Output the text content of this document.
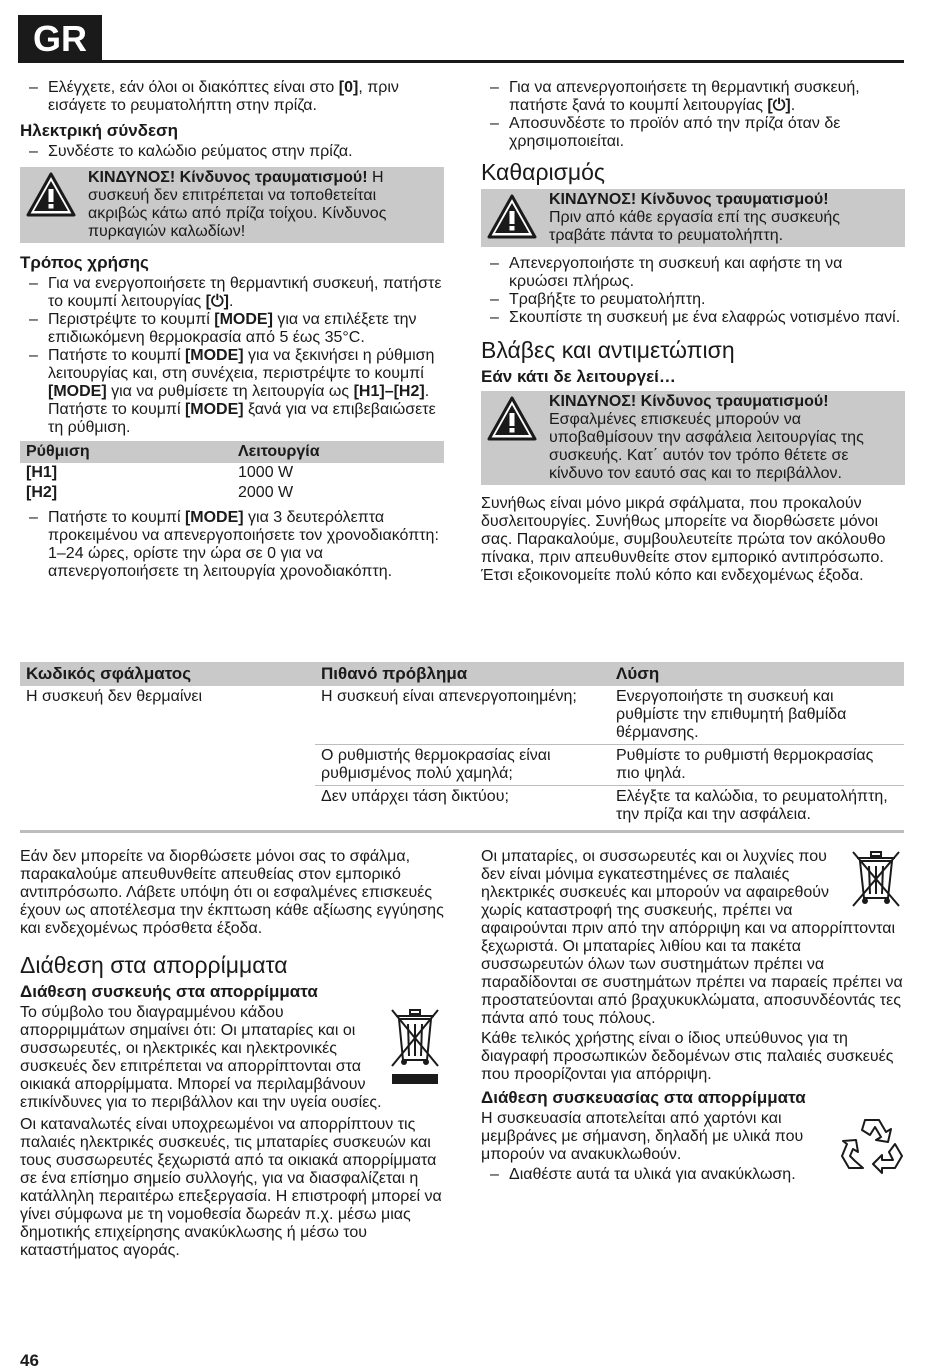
GR

– Ελέγχετε, εάν όλοι οι διακόπτες είναι στο [0], πριν εισάγετε το ρευματολήπτη στην πρίζα.

Ηλεκτρική σύνδεση

– Συνδέστε το καλώδιο ρεύματος στην πρίζα.

ΚΙΝΔΥΝΟΣ! Κίνδυνος τραυματισμού! Η συσκευή δεν επιτρέπεται να τοποθετείται ακριβώς κάτω από πρίζα τοίχου. Κίνδυνος πυρκαγιών καλωδίων!

Τρόπος χρήσης

– Για να ενεργοποιήσετε τη θερμαντική συσκευή, πατήστε το κουμπί λειτουργίας [⏻].

– Περιστρέψτε το κουμπί [MODE] για να επιλέξετε την επιδιωκόμενη θερμοκρασία από 5 έως 35°C.

– Πατήστε το κουμπί [MODE] για να ξεκινήσει η ρύθμιση λειτουργίας και, στη συνέχεια, περιστρέψτε το κουμπί [MODE] για να ρυθμίσετε τη λειτουργία ως [H1]–[H2]. Πατήστε το κουμπί [MODE] ξανά για να επιβεβαιώσετε τη ρύθμιση.

Ρύθμιση	Λειτουργία
[H1]	1000 W
[H2]	2000 W

– Πατήστε το κουμπί [MODE] για 3 δευτερόλεπτα προκειμένου να απενεργοποιήσετε τον χρονοδιακόπτη: 1–24 ώρες, ορίστε την ώρα σε 0 για να απενεργοποιήσετε τη λειτουργία χρονοδιακόπτη.

– Για να απενεργοποιήσετε τη θερμαντική συσκευή, πατήστε ξανά το κουμπί λειτουργίας [⏻].

– Αποσυνδέστε το προϊόν από την πρίζα όταν δε χρησιμοποιείται.

Καθαρισμός

ΚΙΝΔΥΝΟΣ! Κίνδυνος τραυματισμού!

Πριν από κάθε εργασία επί της συσκευής τραβάτε πάντα το ρευματολήπτη.

– Απενεργοποιήστε τη συσκευή και αφήστε τη να κρυώσει πλήρως.

– Τραβήξτε το ρευματολήπτη.

– Σκουπίστε τη συσκευή με ένα ελαφρώς νοτισμένο πανί.

Βλάβες και αντιμετώπιση

Εάν κάτι δε λειτουργεί…

ΚΙΝΔΥΝΟΣ! Κίνδυνος τραυματισμού!

Εσφαλμένες επισκευές μπορούν να υποβαθμίσουν την ασφάλεια λειτουργίας της συσκευής. Κατ΄ αυτόν τον τρόπο θέτετε σε κίνδυνο τον εαυτό σας και το περιβάλλον.

Συνήθως είναι μόνο μικρά σφάλματα, που προκαλούν δυσλειτουργίες. Συνήθως μπορείτε να διορθώσετε μόνοι σας. Παρακαλούμε, συμβουλευτείτε πρώτα τον ακόλουθο πίνακα, πριν απευθυνθείτε στον εμπορικό αντιπρόσωπο. Έτσι εξοικονομείτε πολύ κόπο και ενδεχομένως έξοδα.

Κωδικός σφάλματος	Πιθανό πρόβλημα	Λύση
Η συσκευή δεν θερμαίνει	Η συσκευή είναι απενεργοποιημένη;	Ενεργοποιήστε τη συσκευή και ρυθμίστε την επιθυμητή βαθμίδα θέρμανσης.
	Ο ρυθμιστής θερμοκρασίας είναι ρυθμισμένος πολύ χαμηλά;	Ρυθμίστε το ρυθμιστή θερμοκρασίας πιο ψηλά.
	Δεν υπάρχει τάση δικτύου;	Ελέγξτε τα καλώδια, το ρευματολήπτη, την πρίζα και την ασφάλεια.

Εάν δεν μπορείτε να διορθώσετε μόνοι σας το σφάλμα, παρακαλούμε απευθυνθείτε απευθείας στον εμπορικό αντιπρόσωπο. Λάβετε υπόψη ότι οι εσφαλμένες επισκευές έχουν ως αποτέλεσμα την έκπτωση κάθε αξίωσης εγγύησης και ενδεχομένως πρόσθετα έξοδα.

Διάθεση στα απορρίμματα

Διάθεση συσκευής στα απορρίμματα

Το σύμβολο του διαγραμμένου κάδου απορριμμάτων σημαίνει ότι: Οι μπαταρίες και οι συσσωρευτές, οι ηλεκτρικές και ηλεκτρονικές συσκευές δεν επιτρέπεται να απορρίπτονται στα οικιακά απορρίμματα. Μπορεί να περιλαμβάνουν επικίνδυνες για το περιβάλλον και την υγεία ουσίες.

Οι καταναλωτές είναι υποχρεωμένοι να απορρίπτουν τις παλαιές ηλεκτρικές συσκευές, τις μπαταρίες συσκευών και τους συσσωρευτές ξεχωριστά από τα οικιακά απορρίμματα σε ένα επίσημο σημείο συλλογής, για να διασφαλίζεται η κατάλληλη περαιτέρω επεξεργασία. Η επιστροφή μπορεί να γίνει σύμφωνα με τη νομοθεσία δωρεάν π.χ. μέσω μιας δημοτικής επιχείρησης ανακύκλωσης ή μέσω του καταστήματος αγοράς.

Οι μπαταρίες, οι συσσωρευτές και οι λυχνίες που δεν είναι μόνιμα εγκατεστημένες σε παλαιές ηλεκτρικές συσκευές και μπορούν να αφαιρεθούν χωρίς καταστροφή της συσκευής, πρέπει να αφαιρούνται πριν από την απόρριψη και να απορρίπτονται ξεχωριστά. Οι μπαταρίες λιθίου και τα πακέτα συσσωρευτών όλων των συστημάτων πρέπει να παραδίδονται σε συστημάτων πρέπει να παραείς πρέπει να προστατεύονται από βραχυκυκλώματα, αποσυνδέοντάς τες πάντα από τους πόλους.

Κάθε τελικός χρήστης είναι ο ίδιος υπεύθυνος για τη διαγραφή προσωπικών δεδομένων στις παλαιές συσκευές που προορίζονται για απόρριψη.

Διάθεση συσκευασίας στα απορρίμματα

Η συσκευασία αποτελείται από χαρτόνι και μεμβράνες με σήμανση, δηλαδή με υλικά που μπορούν να ανακυκλωθούν.

– Διαθέστε αυτά τα υλικά για ανακύκλωση.

46
